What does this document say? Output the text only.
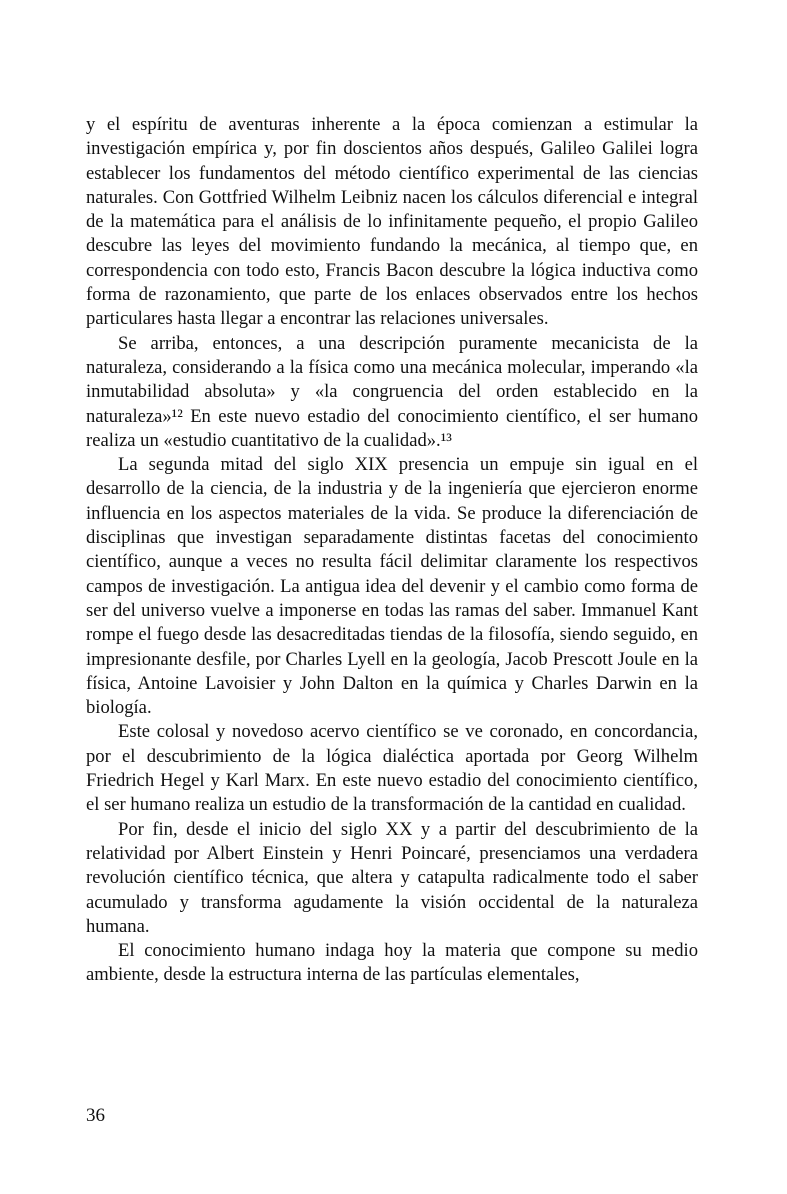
y el espíritu de aventuras inherente a la época comienzan a estimular la investigación empírica y, por fin doscientos años después, Galileo Galilei logra establecer los fundamentos del método científico experimental de las ciencias naturales. Con Gottfried Wilhelm Leibniz nacen los cálculos diferencial e integral de la matemática para el análisis de lo infinitamente pequeño, el propio Galileo descubre las leyes del movimiento fundando la mecánica, al tiempo que, en correspondencia con todo esto, Francis Bacon descubre la lógica inductiva como forma de razonamiento, que parte de los enlaces observados entre los hechos particulares hasta llegar a encontrar las relaciones universales.

Se arriba, entonces, a una descripción puramente mecanicista de la naturaleza, considerando a la física como una mecánica molecular, imperando «la inmutabilidad absoluta» y «la congruencia del orden establecido en la naturaleza»¹² En este nuevo estadio del conocimiento científico, el ser humano realiza un «estudio cuantitativo de la cualidad».¹³

La segunda mitad del siglo XIX presencia un empuje sin igual en el desarrollo de la ciencia, de la industria y de la ingeniería que ejercieron enorme influencia en los aspectos materiales de la vida. Se produce la diferenciación de disciplinas que investigan separadamente distintas facetas del conocimiento científico, aunque a veces no resulta fácil delimitar claramente los respectivos campos de investigación. La antigua idea del devenir y el cambio como forma de ser del universo vuelve a imponerse en todas las ramas del saber. Immanuel Kant rompe el fuego desde las desacreditadas tiendas de la filosofía, siendo seguido, en impresionante desfile, por Charles Lyell en la geología, Jacob Prescott Joule en la física, Antoine Lavoisier y John Dalton en la química y Charles Darwin en la biología.

Este colosal y novedoso acervo científico se ve coronado, en concordancia, por el descubrimiento de la lógica dialéctica aportada por Georg Wilhelm Friedrich Hegel y Karl Marx. En este nuevo estadio del conocimiento científico, el ser humano realiza un estudio de la transformación de la cantidad en cualidad.

Por fin, desde el inicio del siglo XX y a partir del descubrimiento de la relatividad por Albert Einstein y Henri Poincaré, presenciamos una verdadera revolución científico técnica, que altera y catapulta radicalmente todo el saber acumulado y transforma agudamente la visión occidental de la naturaleza humana.

El conocimiento humano indaga hoy la materia que compone su medio ambiente, desde la estructura interna de las partículas elementales,

36
